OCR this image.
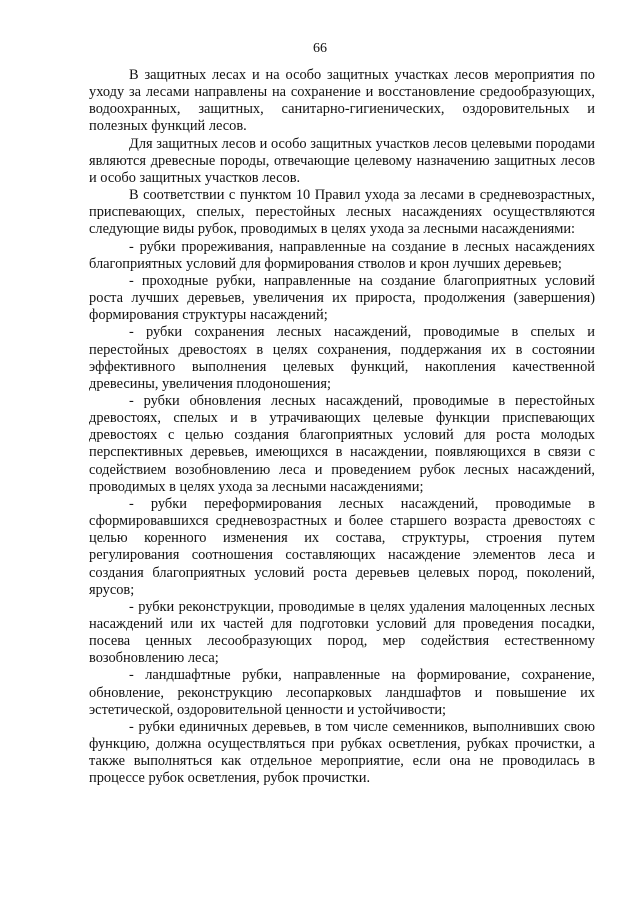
66

В защитных лесах и на особо защитных участках лесов мероприятия по уходу за лесами направлены на сохранение и восстановление средообразующих, водоохранных, защитных, санитарно-гигиенических, оздоровительных и полезных функций лесов.

Для защитных лесов и особо защитных участков лесов целевыми породами являются древесные породы, отвечающие целевому назначению защитных лесов и особо защитных участков лесов.

В соответствии с пунктом 10 Правил ухода за лесами в средневозрастных, приспевающих, спелых, перестойных лесных насаждениях осуществляются следующие виды рубок, проводимых в целях ухода за лесными насаждениями:

- рубки прореживания, направленные на создание в лесных насаждениях благоприятных условий для формирования стволов и крон лучших деревьев;

- проходные рубки, направленные на создание благоприятных условий роста лучших деревьев, увеличения их прироста, продолжения (завершения) формирования структуры насаждений;

- рубки сохранения лесных насаждений, проводимые в спелых и перестойных древостоях в целях сохранения, поддержания их в состоянии эффективного выполнения целевых функций, накопления качественной древесины, увеличения плодоношения;

- рубки обновления лесных насаждений, проводимые в перестойных древостоях, спелых и в утрачивающих целевые функции приспевающих древостоях с целью создания благоприятных условий для роста молодых перспективных деревьев, имеющихся в насаждении, появляющихся в связи с содействием возобновлению леса и проведением рубок лесных насаждений, проводимых в целях ухода за лесными насаждениями;

- рубки переформирования лесных насаждений, проводимые в сформировавшихся средневозрастных и более старшего возраста древостоях с целью коренного изменения их состава, структуры, строения путем регулирования соотношения составляющих насаждение элементов леса и создания благоприятных условий роста деревьев целевых пород, поколений, ярусов;

- рубки реконструкции, проводимые в целях удаления малоценных лесных насаждений или их частей для подготовки условий для проведения посадки, посева ценных лесообразующих пород, мер содействия естественному возобновлению леса;

- ландшафтные рубки, направленные на формирование, сохранение, обновление, реконструкцию лесопарковых ландшафтов и повышение их эстетической, оздоровительной ценности и устойчивости;

- рубки единичных деревьев, в том числе семенников, выполнивших свою функцию, должна осуществляться при рубках осветления, рубках прочистки, а также выполняться как отдельное мероприятие, если она не проводилась в процессе рубок осветления, рубок прочистки.
